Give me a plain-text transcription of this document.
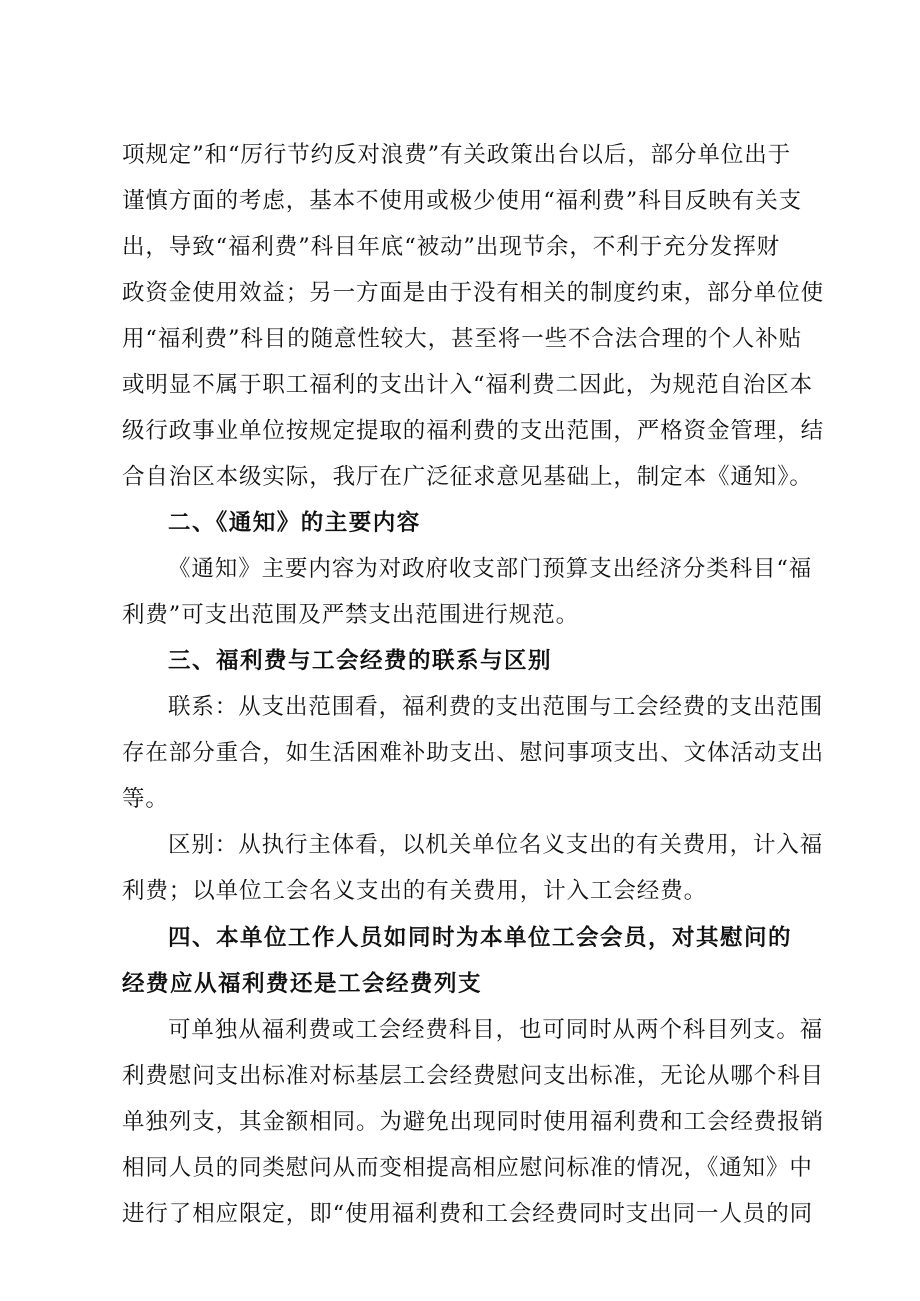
项规定”和“厉行节约反对浪费”有关政策出台以后，部分单位出于
谨慎方面的考虑，基本不使用或极少使用“福利费”科目反映有关支
出，导致“福利费”科目年底“被动”出现节余，不利于充分发挥财
政资金使用效益；另一方面是由于没有相关的制度约束，部分单位使
用“福利费”科目的随意性较大，甚至将一些不合法合理的个人补贴
或明显不属于职工福利的支出计入“福利费二因此，为规范自治区本
级行政事业单位按规定提取的福利费的支出范围，严格资金管理，结
合自治区本级实际，我厅在广泛征求意见基础上，制定本《通知》。
二、《通知》的主要内容
《通知》主要内容为对政府收支部门预算支出经济分类科目“福
利费”可支出范围及严禁支出范围进行规范。
三、福利费与工会经费的联系与区别
联系：从支出范围看，福利费的支出范围与工会经费的支出范围
存在部分重合，如生活困难补助支出、慰问事项支出、文体活动支出
等。
区别：从执行主体看，以机关单位名义支出的有关费用，计入福
利费；以单位工会名义支出的有关费用，计入工会经费。
四、本单位工作人员如同时为本单位工会会员，对其慰问的
经费应从福利费还是工会经费列支
可单独从福利费或工会经费科目，也可同时从两个科目列支。福
利费慰问支出标准对标基层工会经费慰问支出标准，无论从哪个科目
单独列支，其金额相同。为避免出现同时使用福利费和工会经费报销
相同人员的同类慰问从而变相提高相应慰问标准的情况，《通知》中
进行了相应限定，即“使用福利费和工会经费同时支出同一人员的同
